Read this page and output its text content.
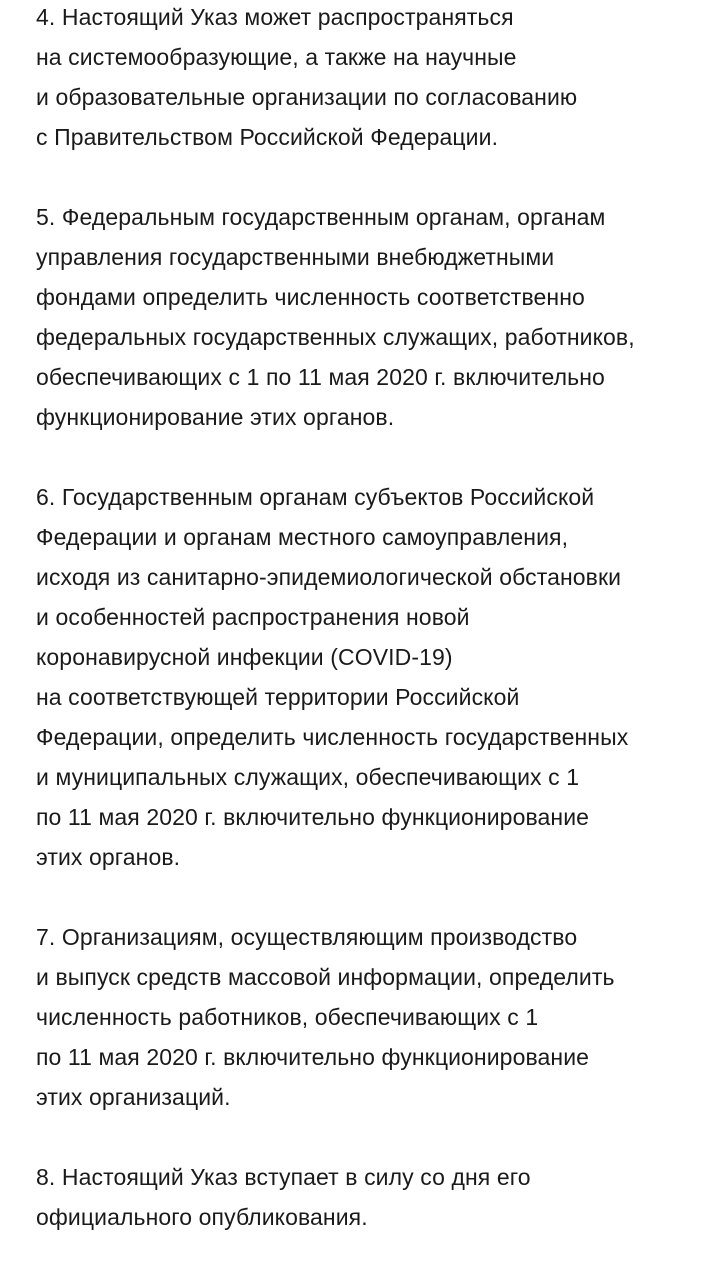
4. Настоящий Указ может распространяться
на системообразующие, а также на научные
и образовательные организации по согласованию
с Правительством Российской Федерации.

5. Федеральным государственным органам, органам
управления государственными внебюджетными
фондами определить численность соответственно
федеральных государственных служащих, работников,
обеспечивающих с 1 по 11 мая 2020 г. включительно
функционирование этих органов.

6. Государственным органам субъектов Российской
Федерации и органам местного самоуправления,
исходя из санитарно-эпидемиологической обстановки
и особенностей распространения новой
коронавирусной инфекции (COVID-19)
на соответствующей территории Российской
Федерации, определить численность государственных
и муниципальных служащих, обеспечивающих с 1
по 11 мая 2020 г. включительно функционирование
этих органов.

7. Организациям, осуществляющим производство
и выпуск средств массовой информации, определить
численность работников, обеспечивающих с 1
по 11 мая 2020 г. включительно функционирование
этих организаций.

8. Настоящий Указ вступает в силу со дня его
официального опубликования.
